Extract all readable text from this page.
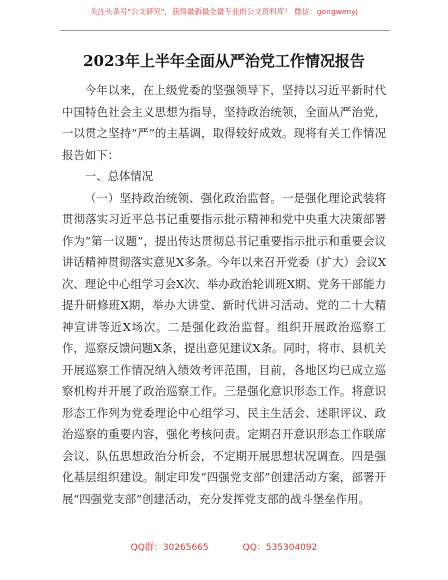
关注头条号"公文研究"，获得最新最全最专业的公文资料库！ 微信：gongwenyj
2023年上半年全面从严治党工作情况报告

今年以来，在上级党委的坚强领导下，坚持以习近平新时代中国特色社会主义思想为指导，坚持政治统领，全面从严治党，一以贯之坚持“严”的主基调，取得较好成效。现将有关工作情况报告如下：

一、总体情况

（一）坚持政治统领、强化政治监督。一是强化理论武装将贯彻落实习近平总书记重要指示批示精神和党中央重大决策部署作为“第一议题”，提出传达贯彻总书记重要指示批示和重要会议讲话精神贯彻落实意见X多条。今年以来召开党委（扩大）会议X次、理论中心组学习会X次、举办政治轮训班X期、党务干部能力提升研修班X期，举办大讲堂、新时代讲习活动、党的二十大精神宣讲等近X场次。二是强化政治监督。组织开展政治巡察工作，巡察反馈问题X条，提出意见建议X条。同时，将市、县机关开展巡察工作情况纳入绩效考评范围，目前，各地区均已成立巡察机构并开展了政治巡察工作。三是强化意识形态工作。将意识形态工作列为党委理论中心组学习、民主生活会、述职评议、政治巡察的重要内容，强化考核问责。定期召开意识形态工作联席会议、队伍思想政治分析会，不定期开展思想状况调查。四是强化基层组织建设。制定印发“四强党支部”创建活动方案，部署开展“四强党支部”创建活动，充分发挥党支部的战斗堡垒作用。

QQ群：30265665	QQ：535304092
